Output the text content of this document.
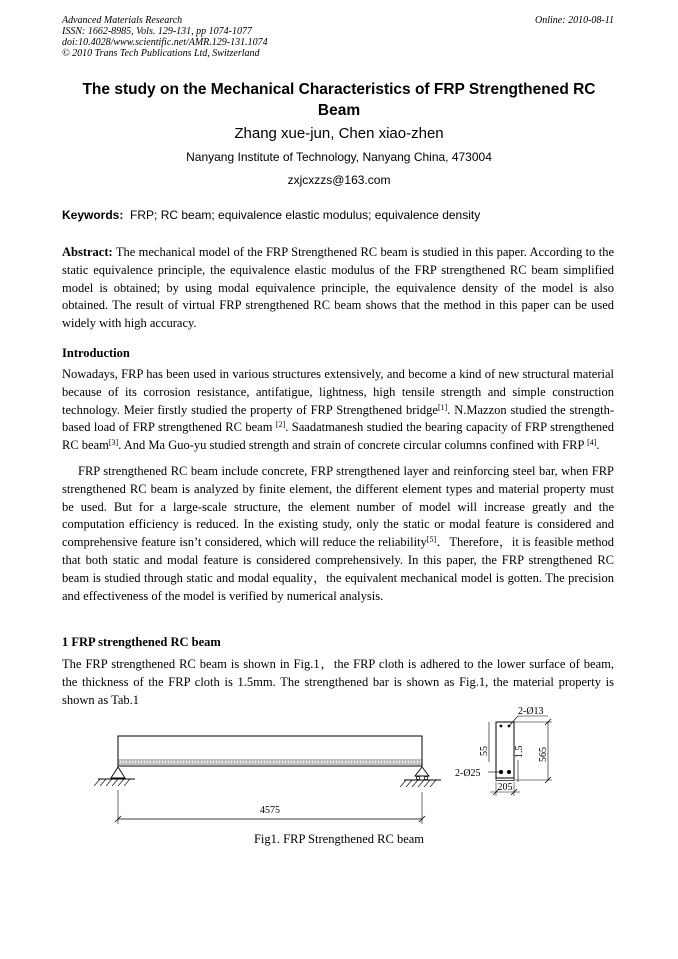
Advanced Materials Research
ISSN: 1662-8985, Vols. 129-131, pp 1074-1077
doi:10.4028/www.scientific.net/AMR.129-131.1074
© 2010 Trans Tech Publications Ltd, Switzerland
Online: 2010-08-11
The study on the Mechanical Characteristics of FRP Strengthened RC Beam
Zhang xue-jun, Chen xiao-zhen
Nanyang Institute of Technology, Nanyang China, 473004
zxjcxzzs@163.com
Keywords: FRP; RC beam; equivalence elastic modulus; equivalence density
Abstract: The mechanical model of the FRP Strengthened RC beam is studied in this paper. According to the static equivalence principle, the equivalence elastic modulus of the FRP strengthened RC beam simplified model is obtained; by using modal equivalence principle, the equivalence density of the model is also obtained. The result of virtual FRP strengthened RC beam shows that the method in this paper can be used widely with high accuracy.
Introduction
Nowadays, FRP has been used in various structures extensively, and become a kind of new structural material because of its corrosion resistance, antifatigue, lightness, high tensile strength and simple construction technology. Meier firstly studied the property of FRP Strengthened bridge[1]. N.Mazzon studied the strength-based load of FRP strengthened RC beam [2]. Saadatmanesh studied the bearing capacity of FRP strengthened RC beam[3]. And Ma Guo-yu studied strength and strain of concrete circular columns confined with FRP [4].
FRP strengthened RC beam include concrete, FRP strengthened layer and reinforcing steel bar, when FRP strengthened RC beam is analyzed by finite element, the different element types and material property must be used. But for a large-scale structure, the element number of model will increase greatly and the computation efficiency is reduced. In the existing study, only the static or modal feature is considered and comprehensive feature isn’t considered, which will reduce the reliability[5]．Therefore，it is feasible method that both static and modal feature is considered comprehensively. In this paper, the FRP strengthened RC beam is studied through static and modal equality，the equivalent mechanical model is gotten. The precision and effectiveness of the model is verified by numerical analysis.
1 FRP strengthened RC beam
The FRP strengthened RC beam is shown in Fig.1，the FRP cloth is adhered to the lower surface of beam, the thickness of the FRP cloth is 1.5mm. The strengthened bar is shown as Fig.1, the material property is shown as Tab.1
4575
2-Ø13
2-Ø25
55 1.5 565
205
Fig1. FRP Strengthened RC beam
